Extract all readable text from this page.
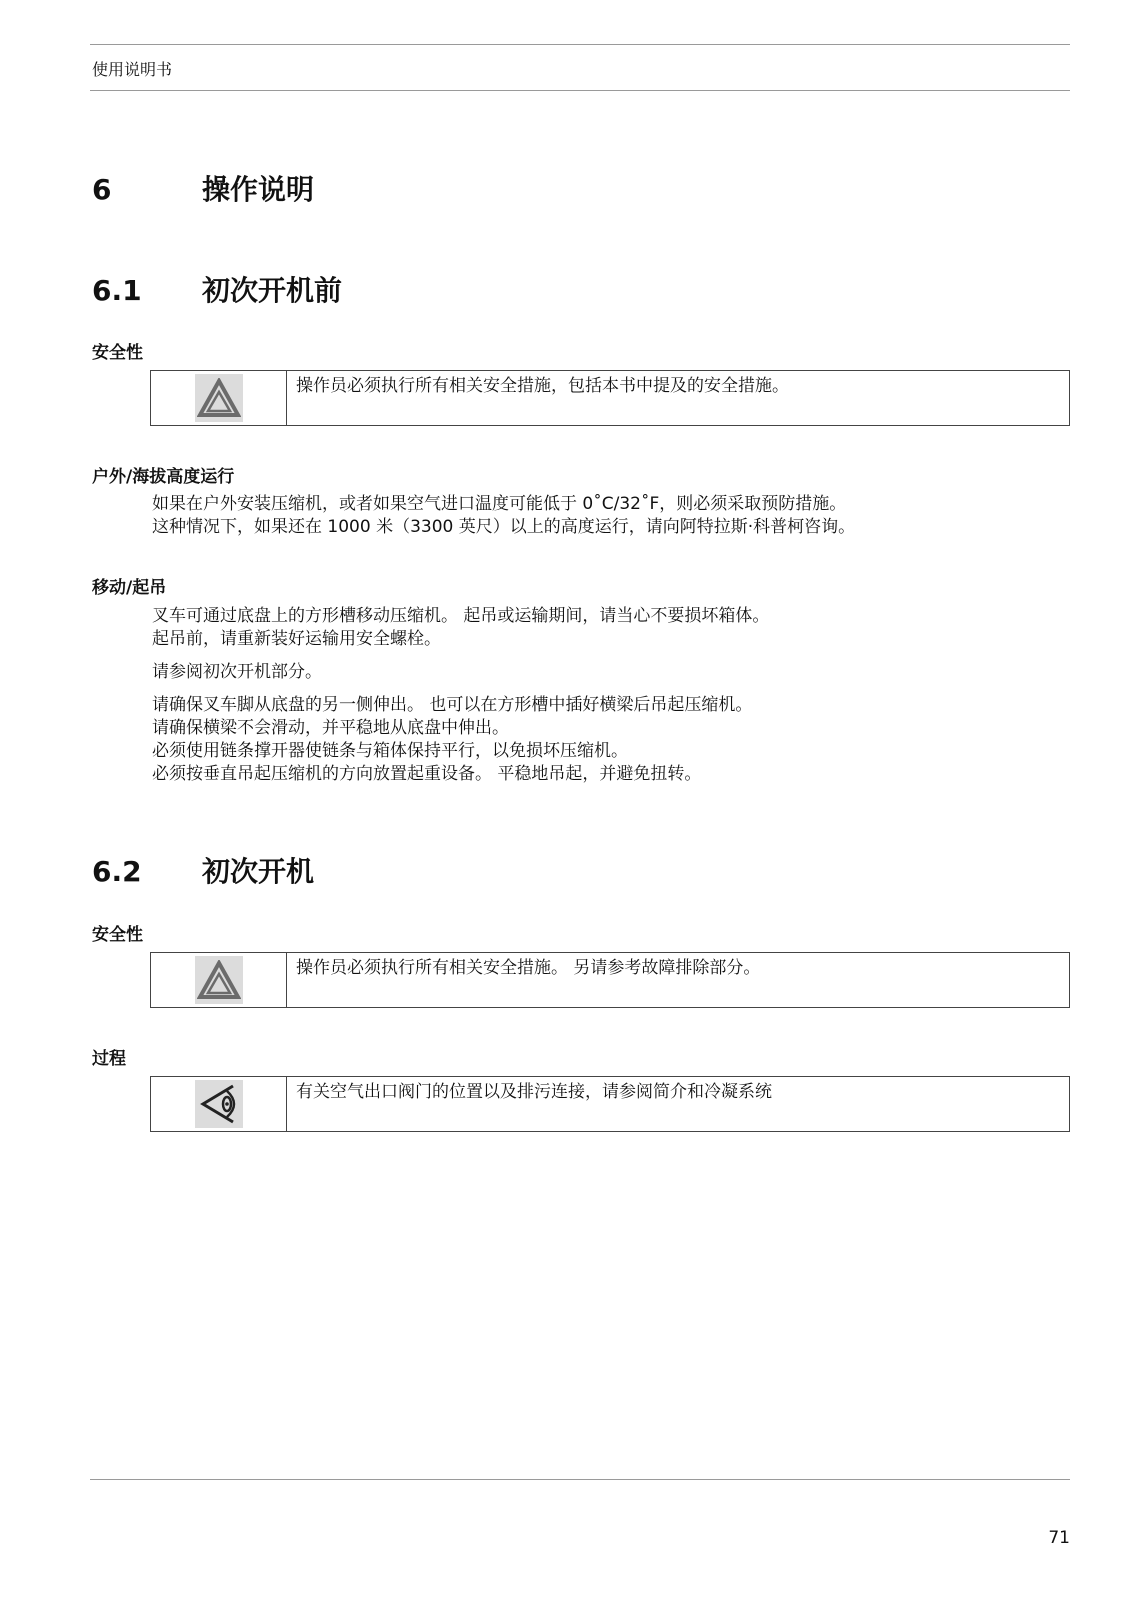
使用说明书
6	操作说明
6.1 初次开机前
安全性
操作员必须执行所有相关安全措施，包括本书中提及的安全措施。
户外/海拔高度运行
如果在户外安装压缩机，或者如果空气进口温度可能低于 0˚C/32˚F，则必须采取预防措施。
这种情况下，如果还在 1000 米（3300 英尺）以上的高度运行，请向阿特拉斯·科普柯咨询。
移动/起吊
叉车可通过底盘上的方形槽移动压缩机。 起吊或运输期间，请当心不要损坏箱体。
起吊前，请重新装好运输用安全螺栓。
请参阅初次开机部分。
请确保叉车脚从底盘的另一侧伸出。 也可以在方形槽中插好横梁后吊起压缩机。
请确保横梁不会滑动，并平稳地从底盘中伸出。
必须使用链条撑开器使链条与箱体保持平行，以免损坏压缩机。
必须按垂直吊起压缩机的方向放置起重设备。 平稳地吊起，并避免扭转。
6.2 初次开机
安全性
操作员必须执行所有相关安全措施。 另请参考故障排除部分。
过程
有关空气出口阀门的位置以及排污连接，请参阅简介和冷凝系统
71
